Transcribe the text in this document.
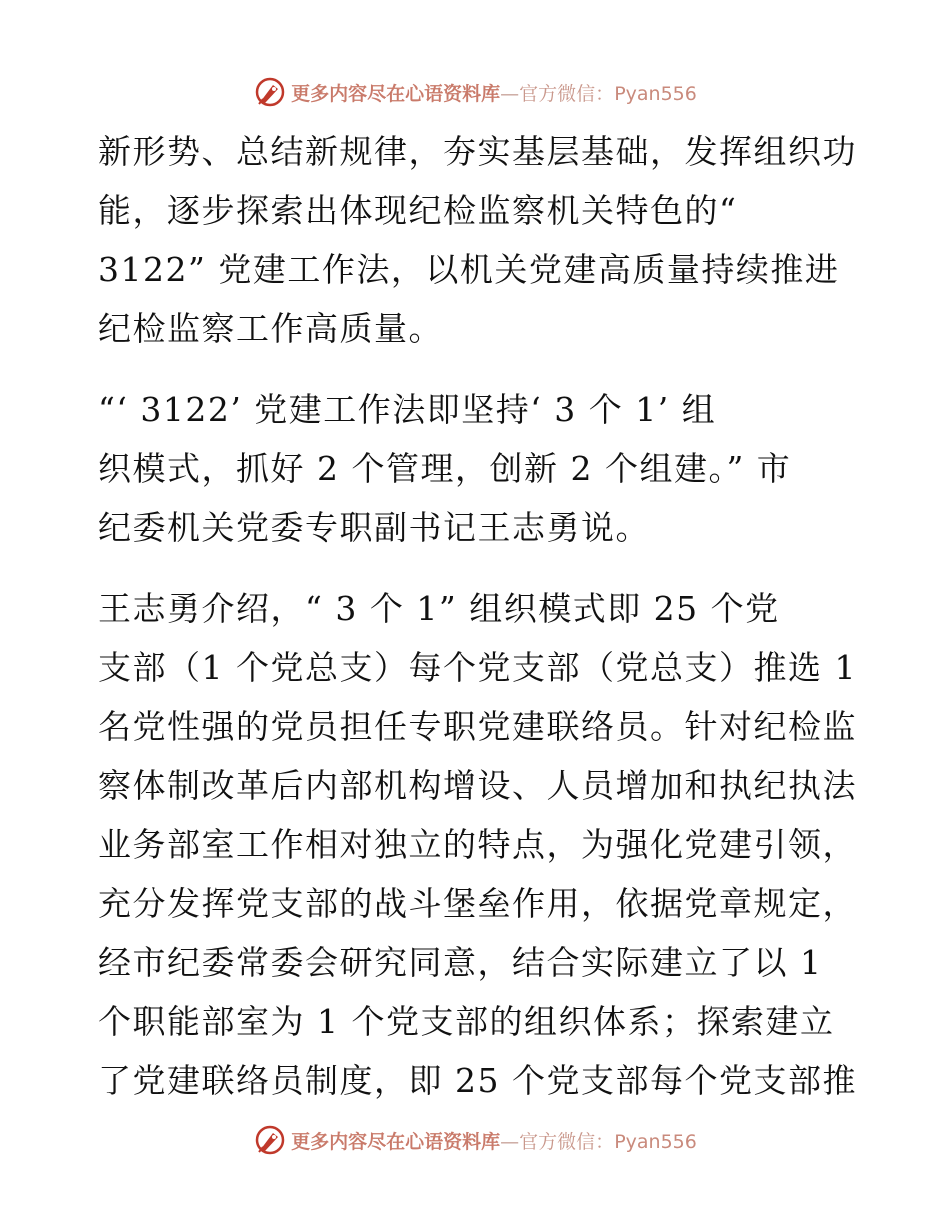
更多内容尽在心语资料库—官方微信：Pyan556
新形势、总结新规律，夯实基层基础，发挥组织功
能，逐步探索出体现纪检监察机关特色的“
3122” 党建工作法，以机关党建高质量持续推进
纪检监察工作高质量。
“‘ 3122’ 党建工作法即坚持‘ 3 个 1’ 组
织模式，抓好 2 个管理，创新 2 个组建。” 市
纪委机关党委专职副书记王志勇说。
王志勇介绍，“ 3 个 1” 组织模式即 25 个党
支部（1 个党总支）每个党支部（党总支）推选 1
名党性强的党员担任专职党建联络员。针对纪检监
察体制改革后内部机构增设、人员增加和执纪执法
业务部室工作相对独立的特点，为强化党建引领，
充分发挥党支部的战斗堡垒作用，依据党章规定，
经市纪委常委会研究同意，结合实际建立了以 1
个职能部室为 1 个党支部的组织体系；探索建立
了党建联络员制度，即 25 个党支部每个党支部推
更多内容尽在心语资料库—官方微信：Pyan556
